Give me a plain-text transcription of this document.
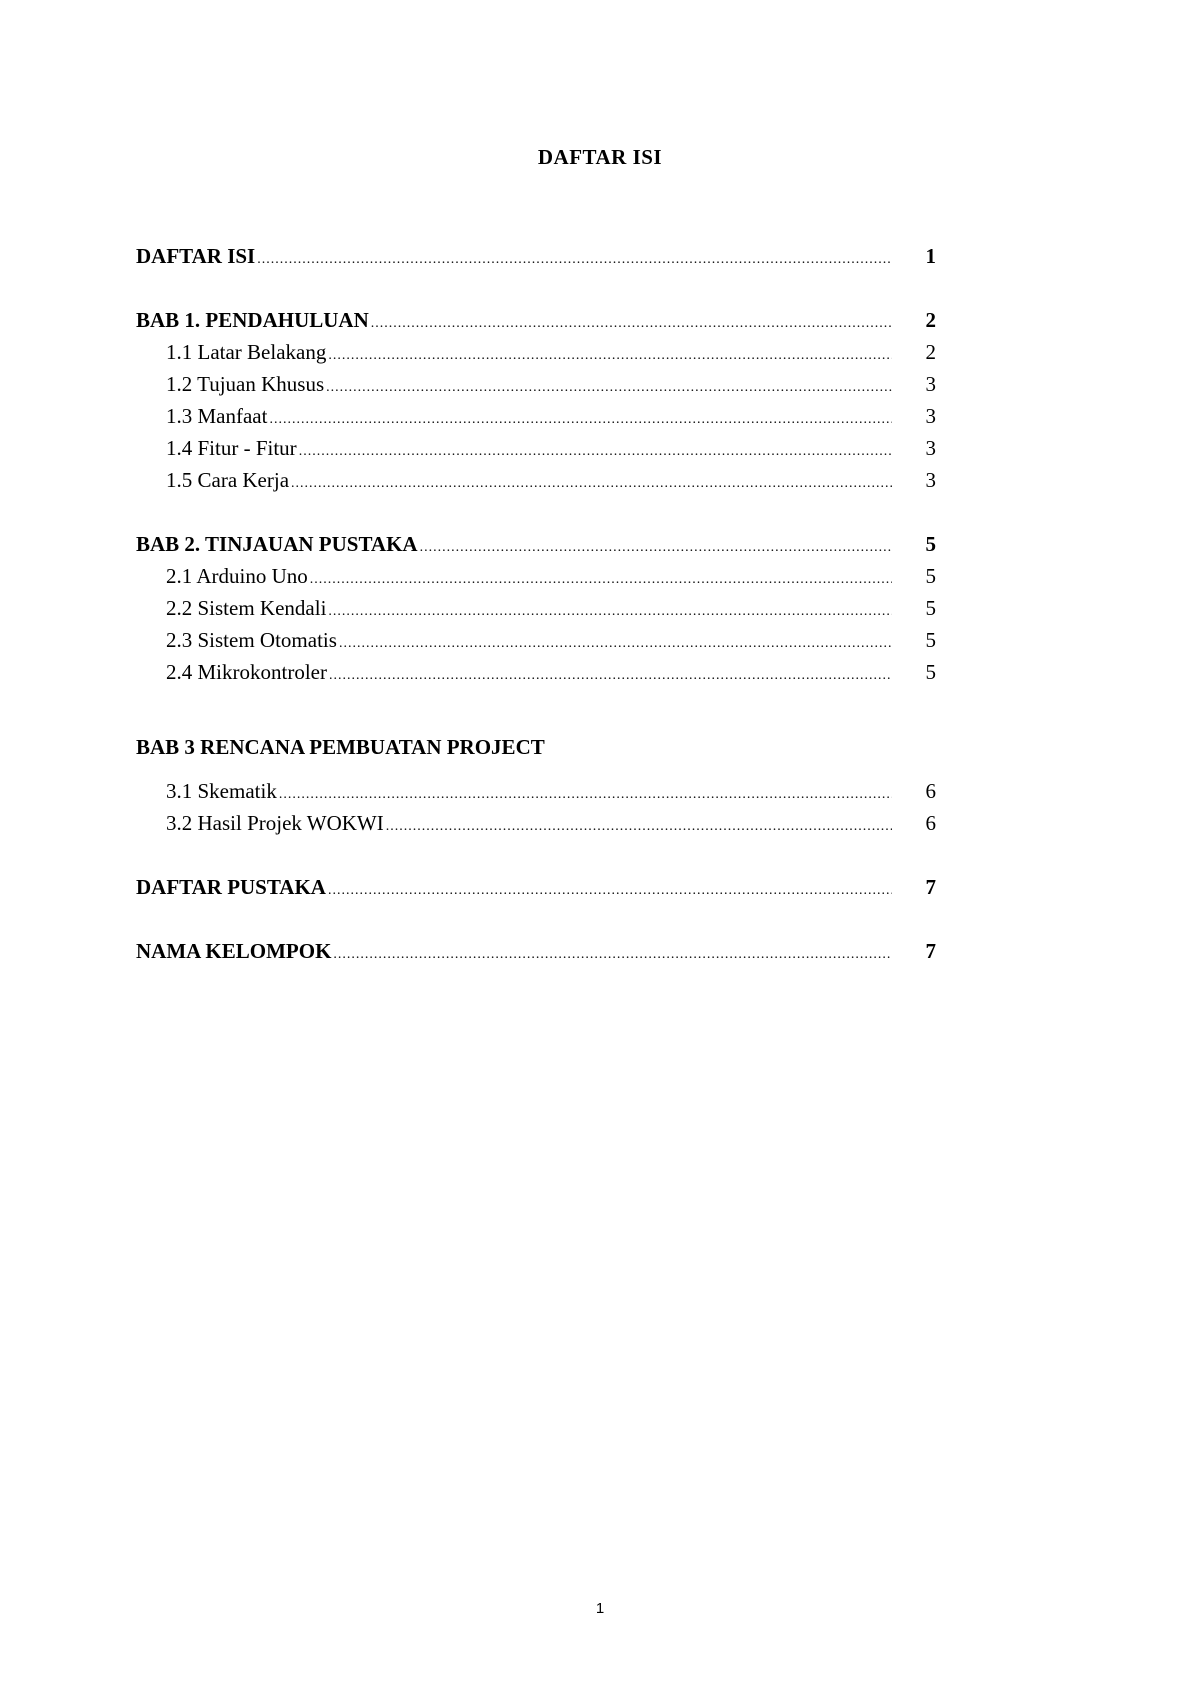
DAFTAR ISI
DAFTAR ISI .....	1
BAB 1. PENDAHULUAN .....	2
1.1 Latar Belakang .....	2
1.2 Tujuan Khusus .....	3
1.3 Manfaat .....	3
1.4 Fitur - Fitur .....	3
1.5 Cara Kerja .....	3
BAB 2. TINJAUAN PUSTAKA .....	5
2.1 Arduino Uno .....	5
2.2 Sistem Kendali .....	5
2.3 Sistem Otomatis .....	5
2.4 Mikrokontroler .....	5
BAB 3 RENCANA PEMBUATAN PROJECT
3.1 Skematik .....	6
3.2 Hasil Projek WOKWI .....	6
DAFTAR PUSTAKA .....	7
NAMA KELOMPOK .....	7
1
